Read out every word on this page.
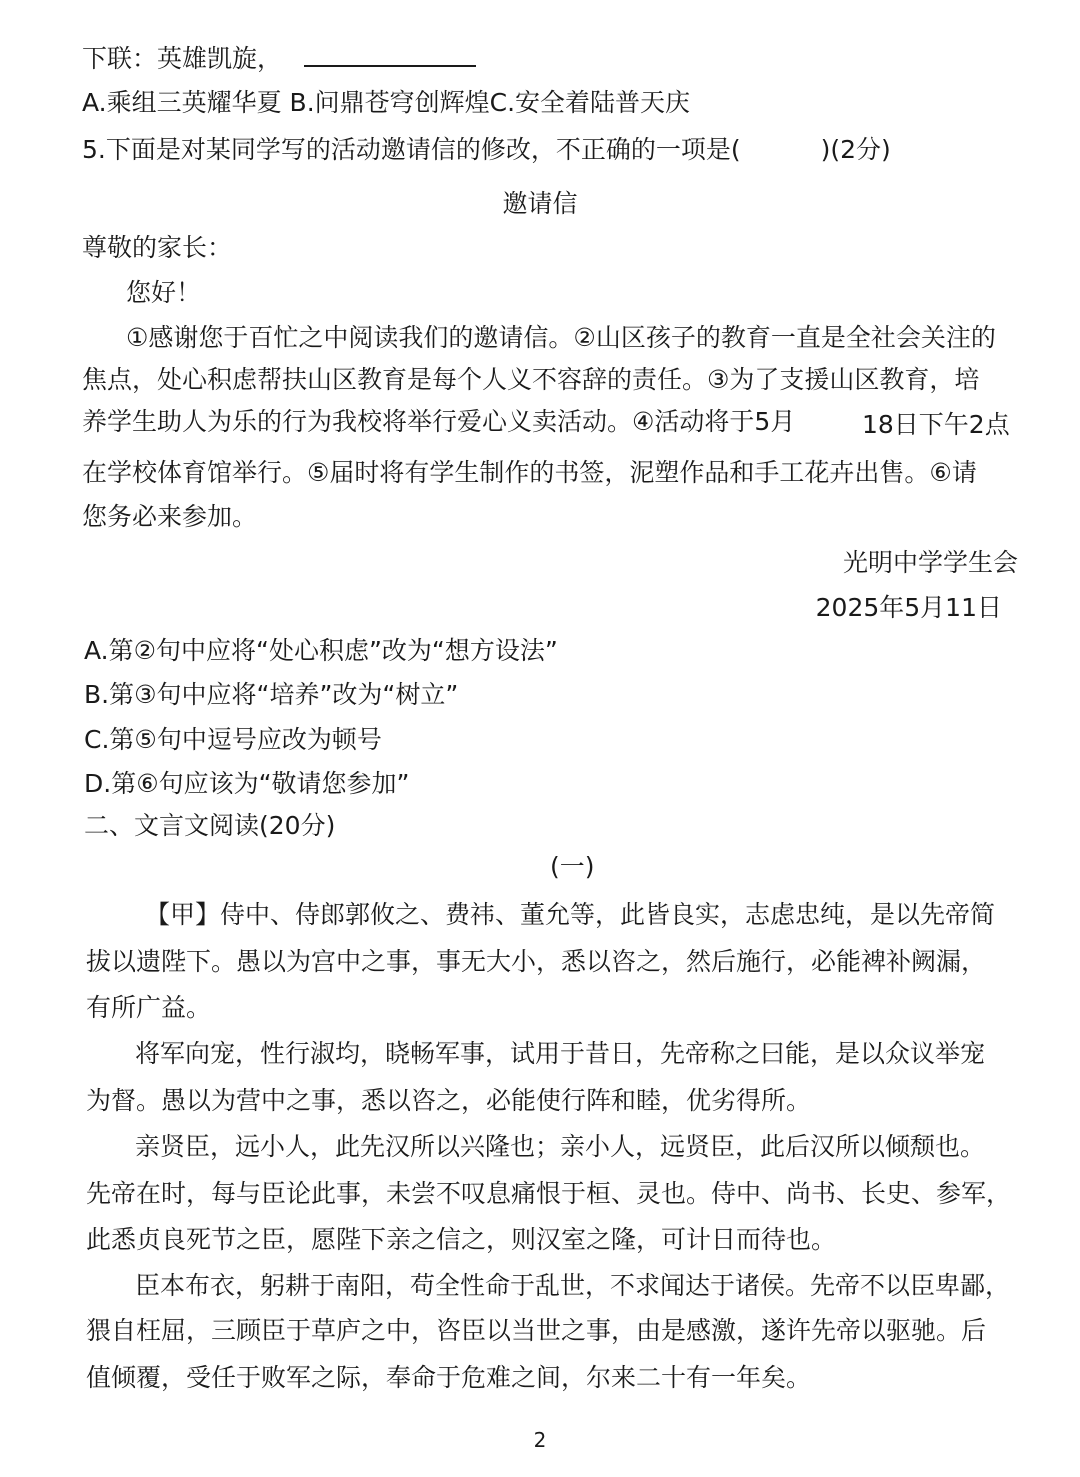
下联：英雄凯旋，
A.乘组三英耀华夏 B.问鼎苍穹创辉煌C.安全着陆普天庆
5.下面是对某同学写的活动邀请信的修改，不正确的一项是(	)(2分)
邀请信
尊敬的家长：
您好！
①感谢您于百忙之中阅读我们的邀请信。②山区孩子的教育一直是全社会关注的
焦点，处心积虑帮扶山区教育是每个人义不容辞的责任。③为了支援山区教育，培
养学生助人为乐的行为我校将举行爱心义卖活动。④活动将于5月	18日下午2点
在学校体育馆举行。⑤届时将有学生制作的书签，泥塑作品和手工花卉出售。⑥请
您务必来参加。
光明中学学生会
2025年5月11日
A.第②句中应将“处心积虑”改为“想方设法”
B.第③句中应将“培养”改为“树立”
C.第⑤句中逗号应改为顿号
D.第⑥句应该为“敬请您参加”
二、文言文阅读(20分)
(一)
【甲】侍中、侍郎郭攸之、费祎、董允等，此皆良实，志虑忠纯，是以先帝简
拔以遗陛下。愚以为宫中之事，事无大小，悉以咨之，然后施行，必能裨补阙漏，
有所广益。
将军向宠，性行淑均，晓畅军事，试用于昔日，先帝称之曰能，是以众议举宠
为督。愚以为营中之事，悉以咨之，必能使行阵和睦，优劣得所。
亲贤臣，远小人，此先汉所以兴隆也；亲小人，远贤臣，此后汉所以倾颓也。
先帝在时，每与臣论此事，未尝不叹息痛恨于桓、灵也。侍中、尚书、长史、参军，
此悉贞良死节之臣，愿陛下亲之信之，则汉室之隆，可计日而待也。
臣本布衣，躬耕于南阳，苟全性命于乱世，不求闻达于诸侯。先帝不以臣卑鄙，
猥自枉屈，三顾臣于草庐之中，咨臣以当世之事，由是感激，遂许先帝以驱驰。后
值倾覆，受任于败军之际，奉命于危难之间，尔来二十有一年矣。
2
